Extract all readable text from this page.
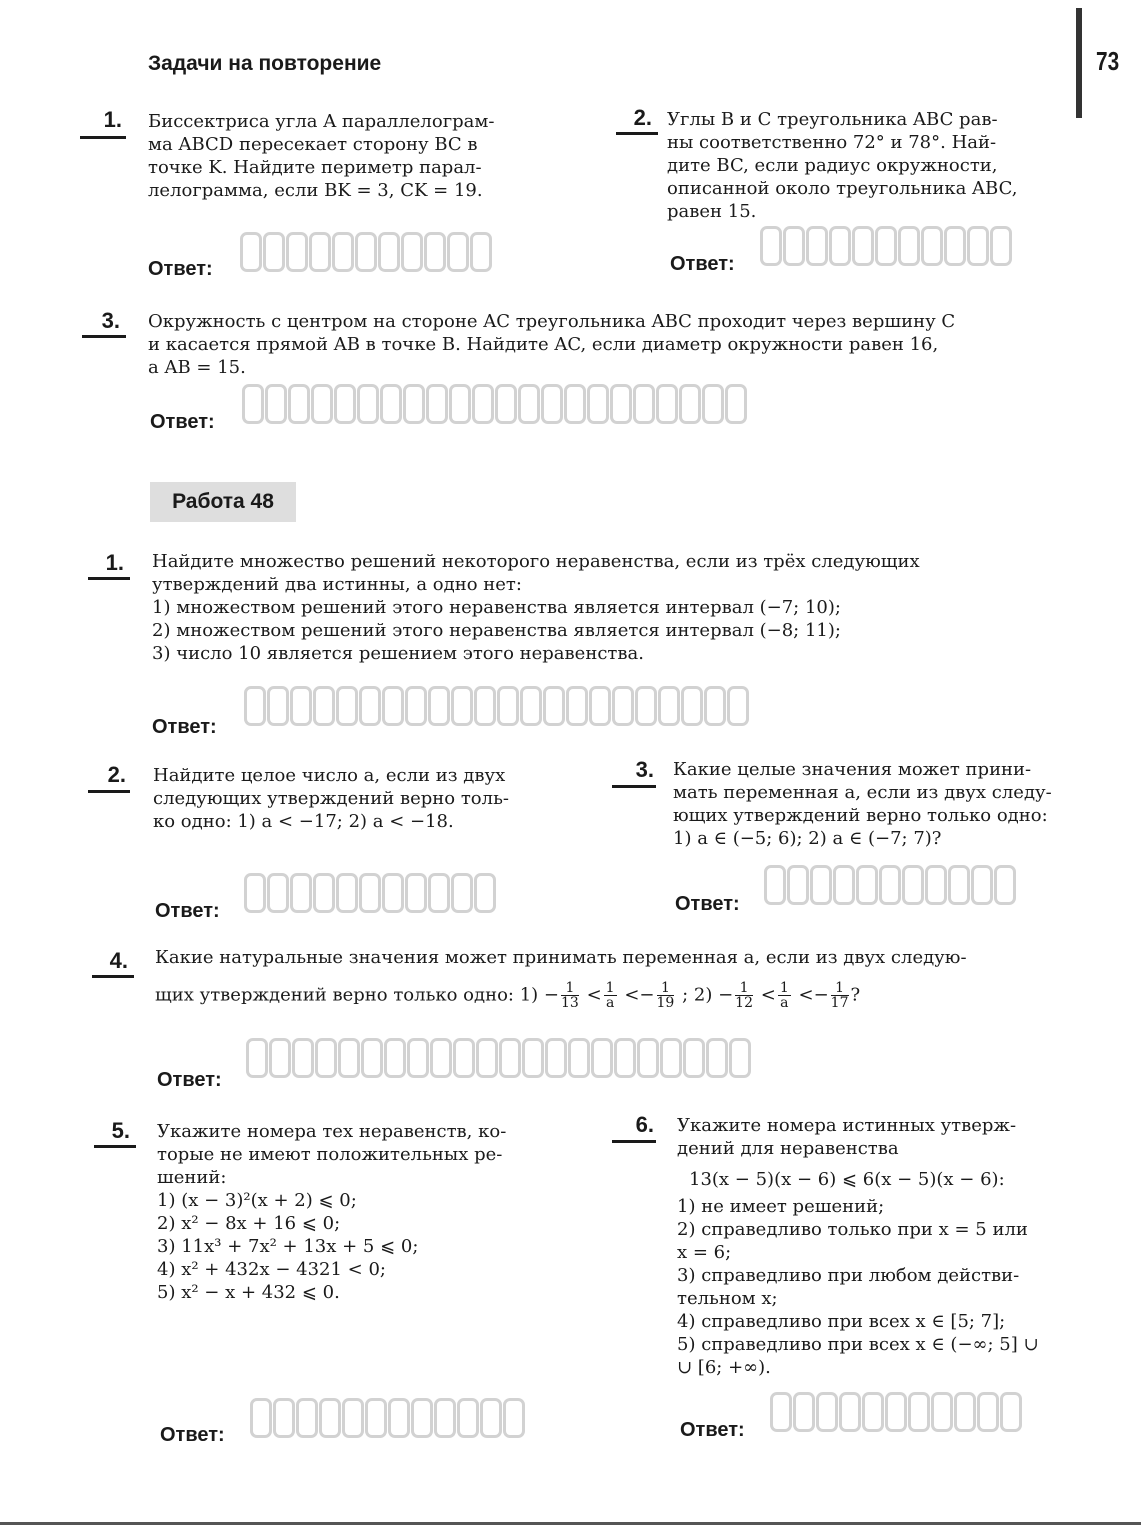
73
Задачи на повторение
1. Биссектриса угла A параллелограм-

ма ABCD пересекает сторону BC в

точке K. Найдите периметр парал-

лелограмма, если BK = 3, CK = 19.

Ответ:
2. Углы B и C треугольника ABC рав-

ны соответственно 72° и 78°. Най-

дите BC, если радиус окружности,

описанной около треугольника ABC,

равен 15.

Ответ:
3. Окружность с центром на стороне AC треугольника ABC проходит через вершину C

и касается прямой AB в точке B. Найдите AC, если диаметр окружности равен 16,

а AB = 15.

Ответ:
Работа 48
1. Найдите множество решений некоторого неравенства, если из трёх следующих

утверждений два истинны, а одно нет:

1) множеством решений этого неравенства является интервал (−7; 10);

2) множеством решений этого неравенства является интервал (−8; 11);

3) число 10 является решением этого неравенства.

Ответ:
2. Найдите целое число a, если из двух

следующих утверждений верно толь-

ко одно: 1) a < −17; 2) a < −18.

Ответ:
3. Какие целые значения может прини-

мать переменная a, если из двух следу-

ющих утверждений верно только одно:

1) a ∈ (−5; 6); 2) a ∈ (−7; 7)?

Ответ:
4. Какие натуральные значения может принимать переменная a, если из двух следую-

щих утверждений верно только одно: $1) - \frac{1}{13} < \frac{1}{a} <- \frac{1}{19}$ ; $2) - \frac{1}{12} < \frac{1}{a} <- \frac{1}{17}$ ?

Ответ:
5. Укажите номера тех неравенств, ко-

торые не имеют положительных ре-

шений:

1) (x − 3)²(x + 2) ⩽ 0;

2) x² − 8x + 16 ⩽ 0;

3) 11x³ + 7x² + 13x + 5 ⩽ 0;

4) x² + 432x − 4321 < 0;

5) x² − x + 432 ⩽ 0.

Ответ:
6. Укажите номера истинных утверж-

дений для неравенства

13(x − 5)(x − 6) ⩽ 6(x − 5)(x − 6):

1) не имеет решений;

2) справедливо только при x = 5 или

x = 6;

3) справедливо при любом действи-

тельном x;

4) справедливо при всех x ∈ [5; 7];

5) справедливо при всех x ∈ (−∞; 5] ∪

∪ [6; +∞).

Ответ:
